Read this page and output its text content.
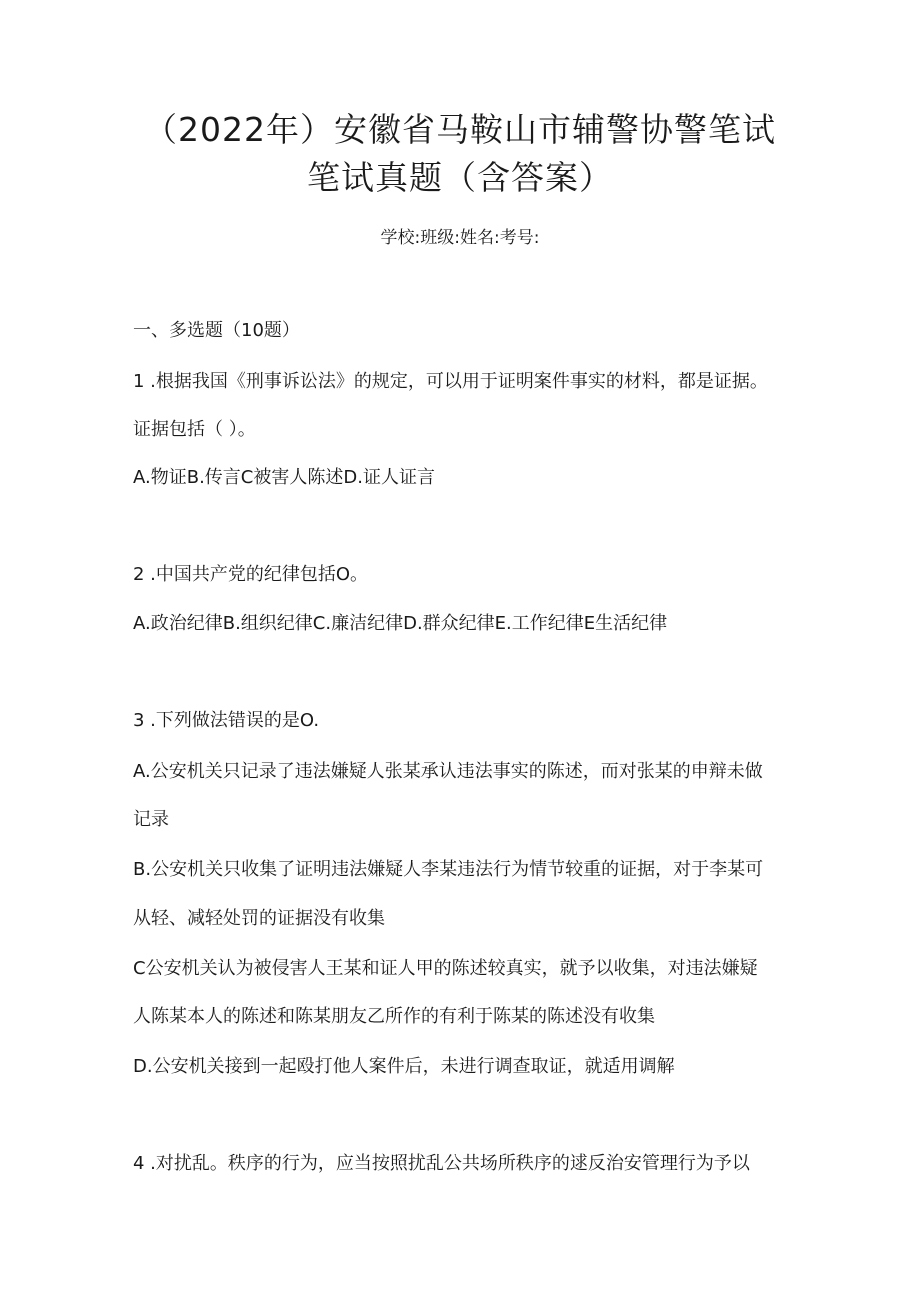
（2022年）安徽省马鞍山市辅警协警笔试
笔试真题（含答案）
学校:班级:姓名:考号:
一、多选题（10题）
1 .根据我国《刑事诉讼法》的规定，可以用于证明案件事实的材料，都是证据。
证据包括（ ）。
A.物证B.传言C被害人陈述D.证人证言
2 .中国共产党的纪律包括O。
A.政治纪律B.组织纪律C.廉洁纪律D.群众纪律E.工作纪律E生活纪律
3 .下列做法错误的是O.
A.公安机关只记录了违法嫌疑人张某承认违法事实的陈述，而对张某的申辩未做
记录
B.公安机关只收集了证明违法嫌疑人李某违法行为情节较重的证据，对于李某可
从轻、减轻处罚的证据没有收集
C公安机关认为被侵害人王某和证人甲的陈述较真实，就予以收集，对违法嫌疑
人陈某本人的陈述和陈某朋友乙所作的有利于陈某的陈述没有收集
D.公安机关接到一起殴打他人案件后，未进行调查取证，就适用调解
4 .对扰乱。秩序的行为，应当按照扰乱公共场所秩序的逑反治安管理行为予以
